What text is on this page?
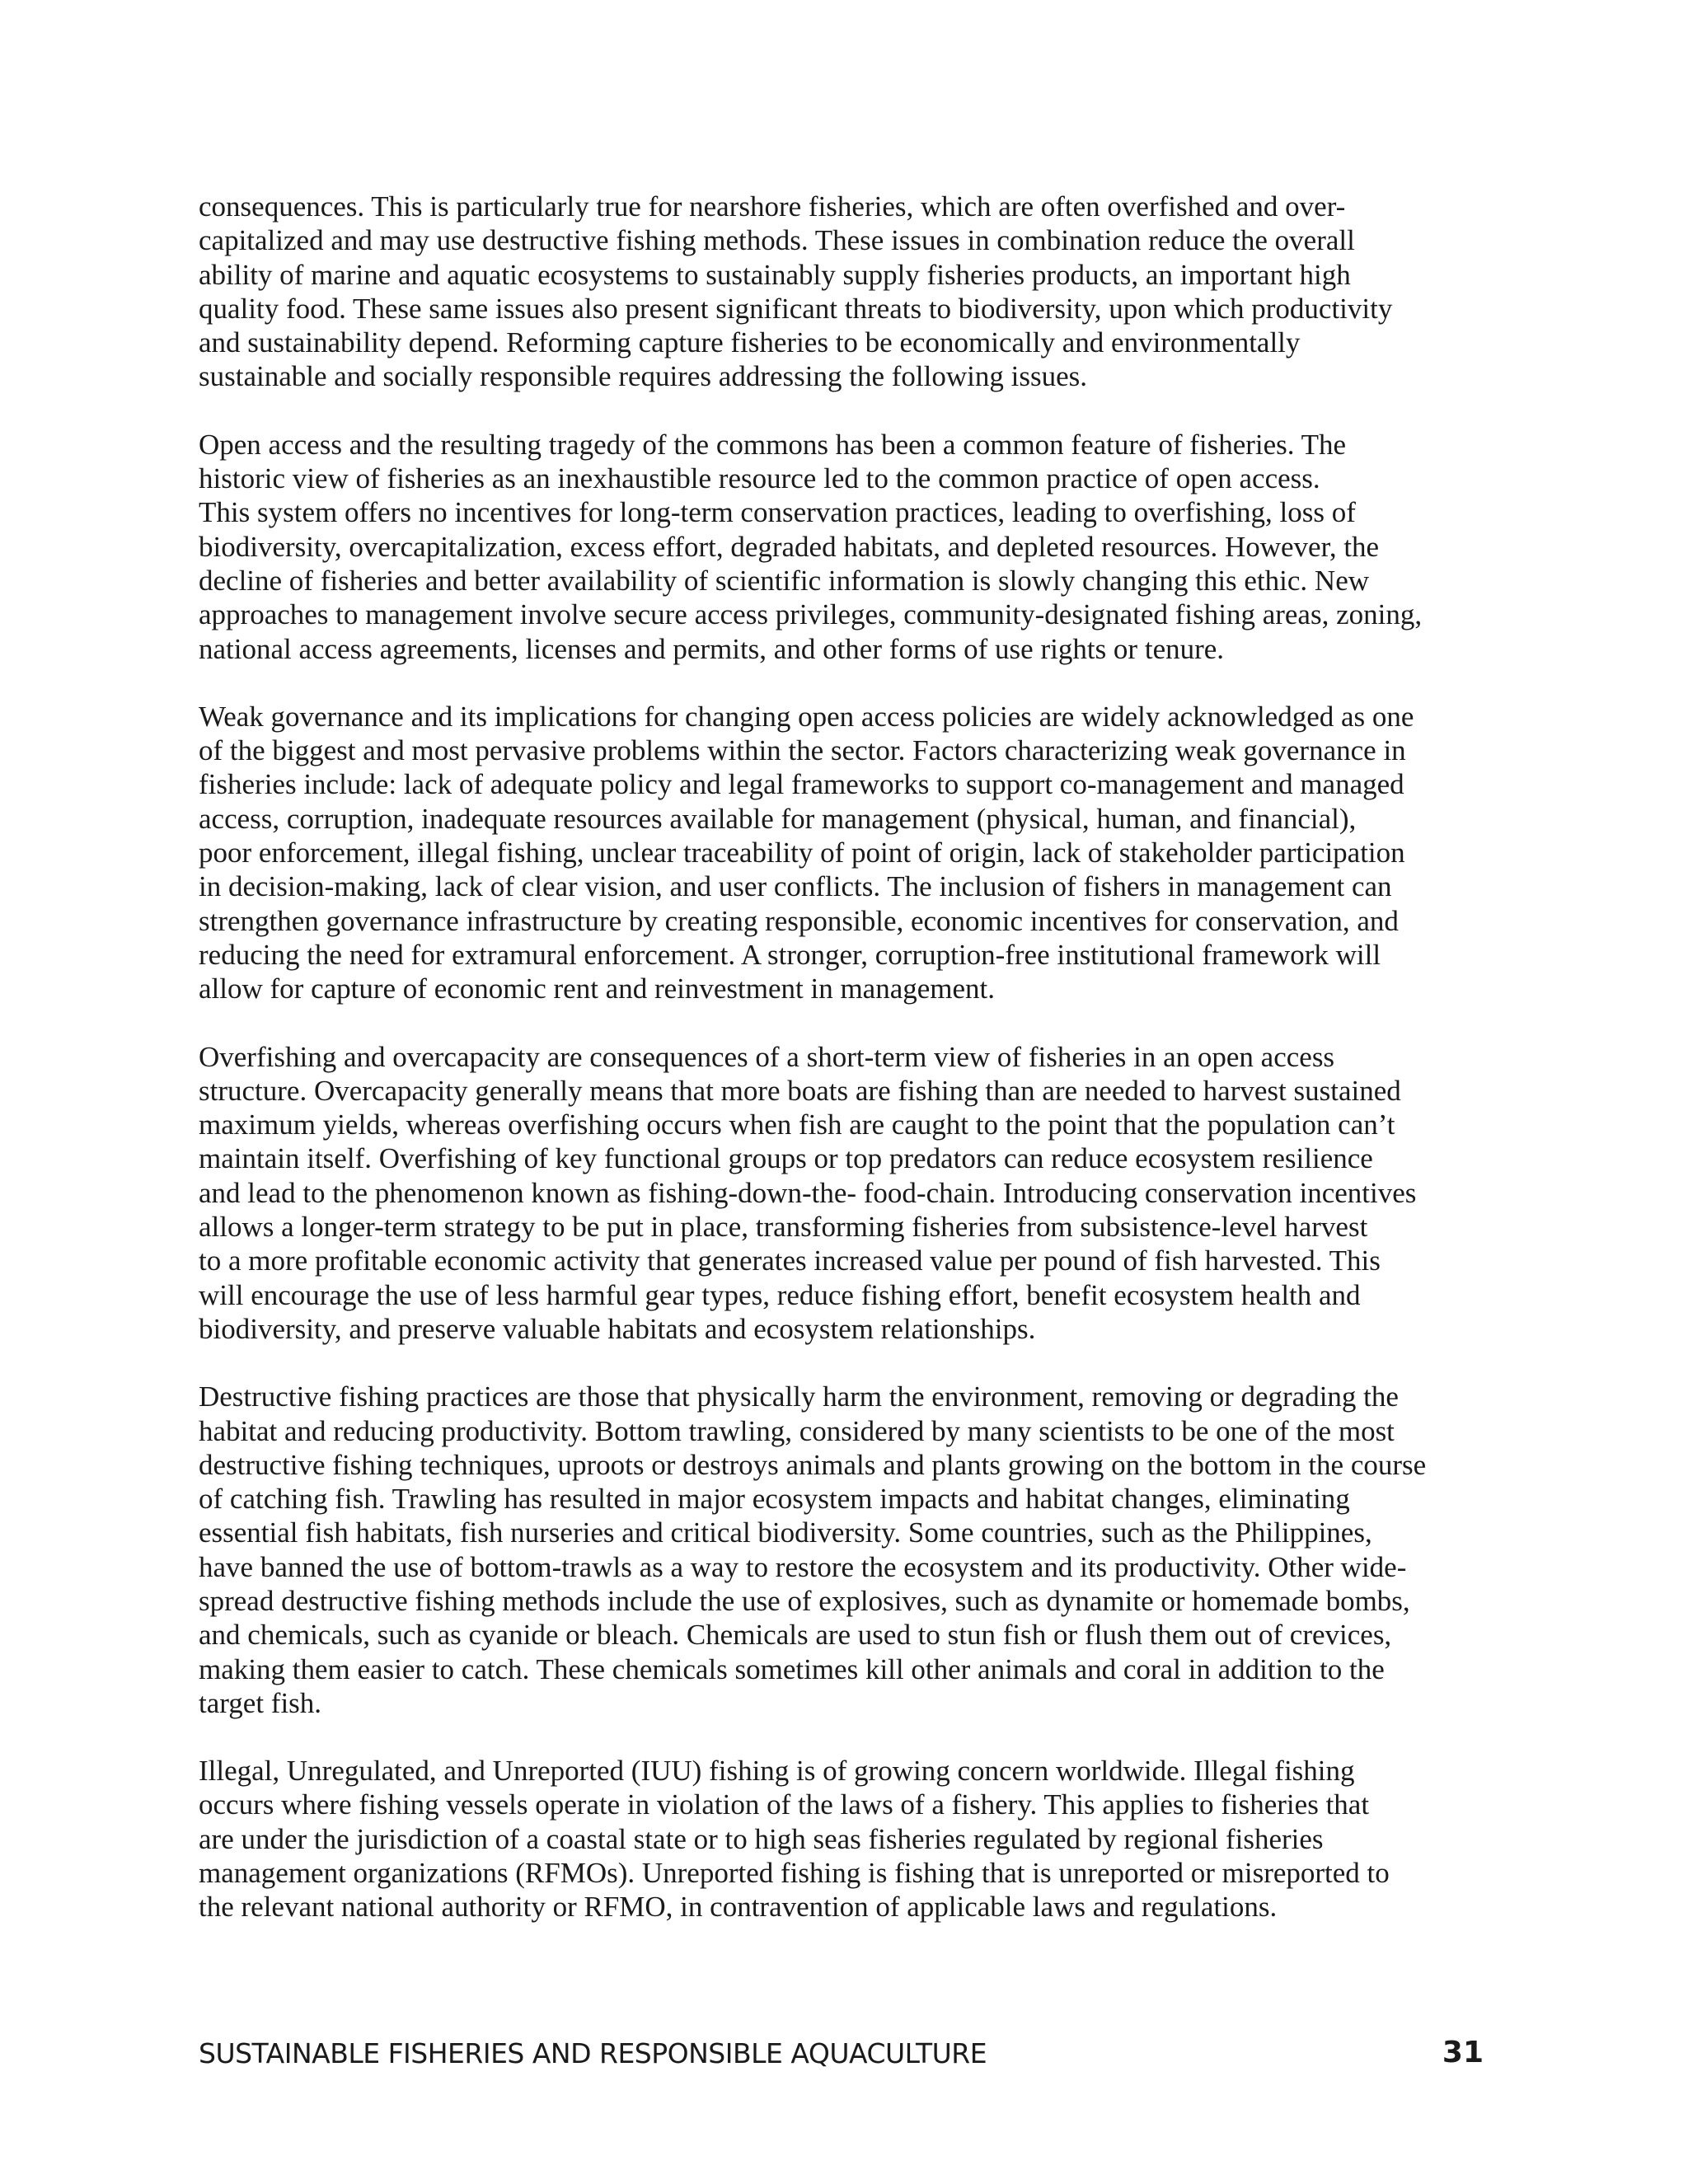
consequences. This is particularly true for nearshore fisheries, which are often overfished and over-
capitalized and may use destructive fishing methods. These issues in combination reduce the overall
ability of marine and aquatic ecosystems to sustainably supply fisheries products, an important high
quality food. These same issues also present significant threats to biodiversity, upon which productivity
and sustainability depend. Reforming capture fisheries to be economically and environmentally
sustainable and socially responsible requires addressing the following issues.

Open access and the resulting tragedy of the commons has been a common feature of fisheries. The
historic view of fisheries as an inexhaustible resource led to the common practice of open access.
This system offers no incentives for long-term conservation practices, leading to overfishing, loss of
biodiversity, overcapitalization, excess effort, degraded habitats, and depleted resources. However, the
decline of fisheries and better availability of scientific information is slowly changing this ethic. New
approaches to management involve secure access privileges, community-designated fishing areas, zoning,
national access agreements, licenses and permits, and other forms of use rights or tenure.

Weak governance and its implications for changing open access policies are widely acknowledged as one
of the biggest and most pervasive problems within the sector. Factors characterizing weak governance in
fisheries include: lack of adequate policy and legal frameworks to support co-management and managed
access, corruption, inadequate resources available for management (physical, human, and financial),
poor enforcement, illegal fishing, unclear traceability of point of origin, lack of stakeholder participation
in decision-making, lack of clear vision, and user conflicts. The inclusion of fishers in management can
strengthen governance infrastructure by creating responsible, economic incentives for conservation, and
reducing the need for extramural enforcement. A stronger, corruption-free institutional framework will
allow for capture of economic rent and reinvestment in management.

Overfishing and overcapacity are consequences of a short-term view of fisheries in an open access
structure. Overcapacity generally means that more boats are fishing than are needed to harvest sustained
maximum yields, whereas overfishing occurs when fish are caught to the point that the population can’t
maintain itself. Overfishing of key functional groups or top predators can reduce ecosystem resilience
and lead to the phenomenon known as fishing-down-the- food-chain. Introducing conservation incentives
allows a longer-term strategy to be put in place, transforming fisheries from subsistence-level harvest
to a more profitable economic activity that generates increased value per pound of fish harvested. This
will encourage the use of less harmful gear types, reduce fishing effort, benefit ecosystem health and
biodiversity, and preserve valuable habitats and ecosystem relationships.

Destructive fishing practices are those that physically harm the environment, removing or degrading the
habitat and reducing productivity. Bottom trawling, considered by many scientists to be one of the most
destructive fishing techniques, uproots or destroys animals and plants growing on the bottom in the course
of catching fish. Trawling has resulted in major ecosystem impacts and habitat changes, eliminating
essential fish habitats, fish nurseries and critical biodiversity. Some countries, such as the Philippines,
have banned the use of bottom-trawls as a way to restore the ecosystem and its productivity. Other wide-
spread destructive fishing methods include the use of explosives, such as dynamite or homemade bombs,
and chemicals, such as cyanide or bleach. Chemicals are used to stun fish or flush them out of crevices,
making them easier to catch. These chemicals sometimes kill other animals and coral in addition to the
target fish.

Illegal, Unregulated, and Unreported (IUU) fishing is of growing concern worldwide. Illegal fishing
occurs where fishing vessels operate in violation of the laws of a fishery. This applies to fisheries that
are under the jurisdiction of a coastal state or to high seas fisheries regulated by regional fisheries
management organizations (RFMOs). Unreported fishing is fishing that is unreported or misreported to
the relevant national authority or RFMO, in contravention of applicable laws and regulations.

SUSTAINABLE FISHERIES AND RESPONSIBLE AQUACULTURE	31
